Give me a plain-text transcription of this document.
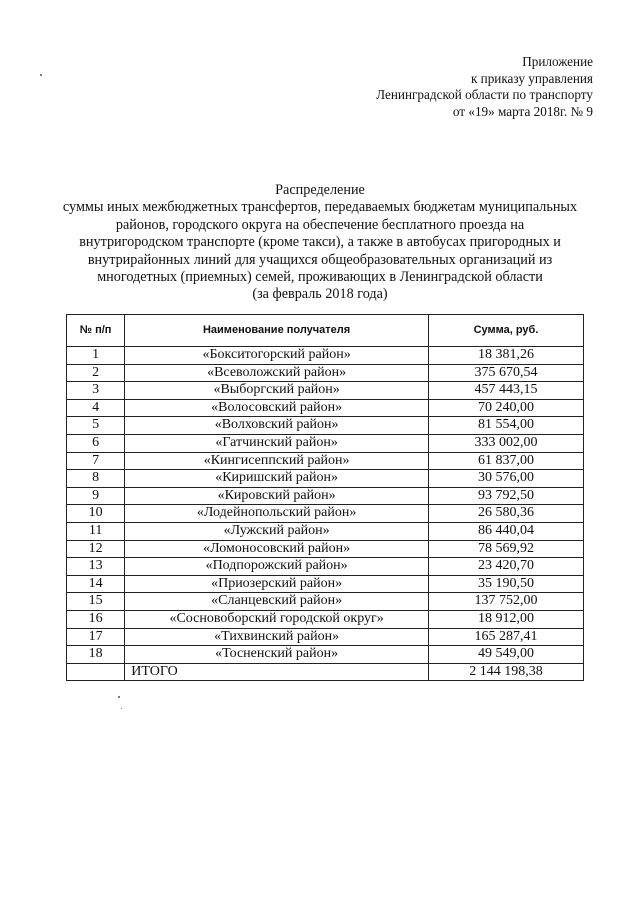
Приложение
к приказу управления
Ленинградской области по транспорту
от «19» марта 2018г. № 9
Распределение
суммы иных межбюджетных трансфертов, передаваемых бюджетам муниципальных
районов, городского округа на обеспечение бесплатного проезда на
внутригородском транспорте (кроме такси), а также в автобусах пригородных и
внутрирайонных линий для учащихся общеобразовательных организаций из
многодетных (приемных) семей, проживающих в Ленинградской области
(за февраль 2018 года)
№ п/п	Наименование получателя	Сумма, руб.
1	«Бокситогорский район»	18 381,26
2	«Всеволожский район»	375 670,54
3	«Выборгский район»	457 443,15
4	«Волосовский район»	70 240,00
5	«Волховский район»	81 554,00
6	«Гатчинский район»	333 002,00
7	«Кингисеппский район»	61 837,00
8	«Киришский район»	30 576,00
9	«Кировский район»	93 792,50
10	«Лодейнопольский район»	26 580,36
11	«Лужский район»	86 440,04
12	«Ломоносовский район»	78 569,92
13	«Подпорожский район»	23 420,70
14	«Приозерский район»	35 190,50
15	«Сланцевский район»	137 752,00
16	«Сосновоборский городской округ»	18 912,00
17	«Тихвинский район»	165 287,41
18	«Тосненский район»	49 549,00
	ИТОГО	2 144 198,38
